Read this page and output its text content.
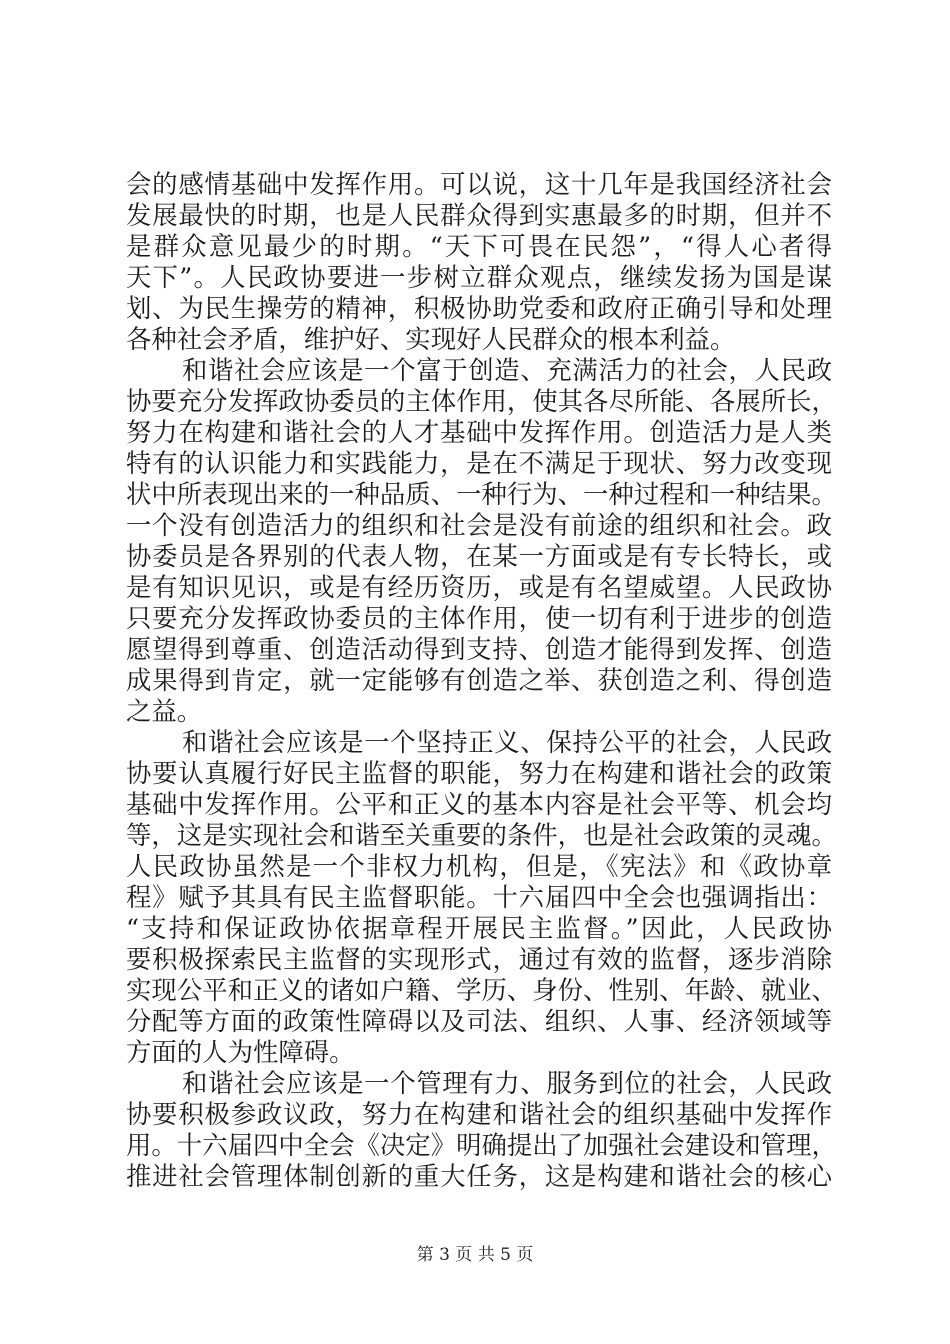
会的感情基础中发挥作用。可以说，这十几年是我国经济社会
发展最快的时期，也是人民群众得到实惠最多的时期，但并不
是群众意见最少的时期。“天下可畏在民怨”，“得人心者得
天下”。人民政协要进一步树立群众观点，继续发扬为国是谋
划、为民生操劳的精神，积极协助党委和政府正确引导和处理
各种社会矛盾，维护好、实现好人民群众的根本利益。
和谐社会应该是一个富于创造、充满活力的社会，人民政
协要充分发挥政协委员的主体作用，使其各尽所能、各展所长，
努力在构建和谐社会的人才基础中发挥作用。创造活力是人类
特有的认识能力和实践能力，是在不满足于现状、努力改变现
状中所表现出来的一种品质、一种行为、一种过程和一种结果。
一个没有创造活力的组织和社会是没有前途的组织和社会。政
协委员是各界别的代表人物，在某一方面或是有专长特长，或
是有知识见识，或是有经历资历，或是有名望威望。人民政协
只要充分发挥政协委员的主体作用，使一切有利于进步的创造
愿望得到尊重、创造活动得到支持、创造才能得到发挥、创造
成果得到肯定，就一定能够有创造之举、获创造之利、得创造
之益。
和谐社会应该是一个坚持正义、保持公平的社会，人民政
协要认真履行好民主监督的职能，努力在构建和谐社会的政策
基础中发挥作用。公平和正义的基本内容是社会平等、机会均
等，这是实现社会和谐至关重要的条件，也是社会政策的灵魂。
人民政协虽然是一个非权力机构，但是，《宪法》和《政协章
程》赋予其具有民主监督职能。十六届四中全会也强调指出：
“支持和保证政协依据章程开展民主监督。”因此，人民政协
要积极探索民主监督的实现形式，通过有效的监督，逐步消除
实现公平和正义的诸如户籍、学历、身份、性别、年龄、就业、
分配等方面的政策性障碍以及司法、组织、人事、经济领域等
方面的人为性障碍。
和谐社会应该是一个管理有力、服务到位的社会，人民政
协要积极参政议政，努力在构建和谐社会的组织基础中发挥作
用。十六届四中全会《决定》明确提出了加强社会建设和管理，
推进社会管理体制创新的重大任务，这是构建和谐社会的核心
第 3 页 共 5 页
